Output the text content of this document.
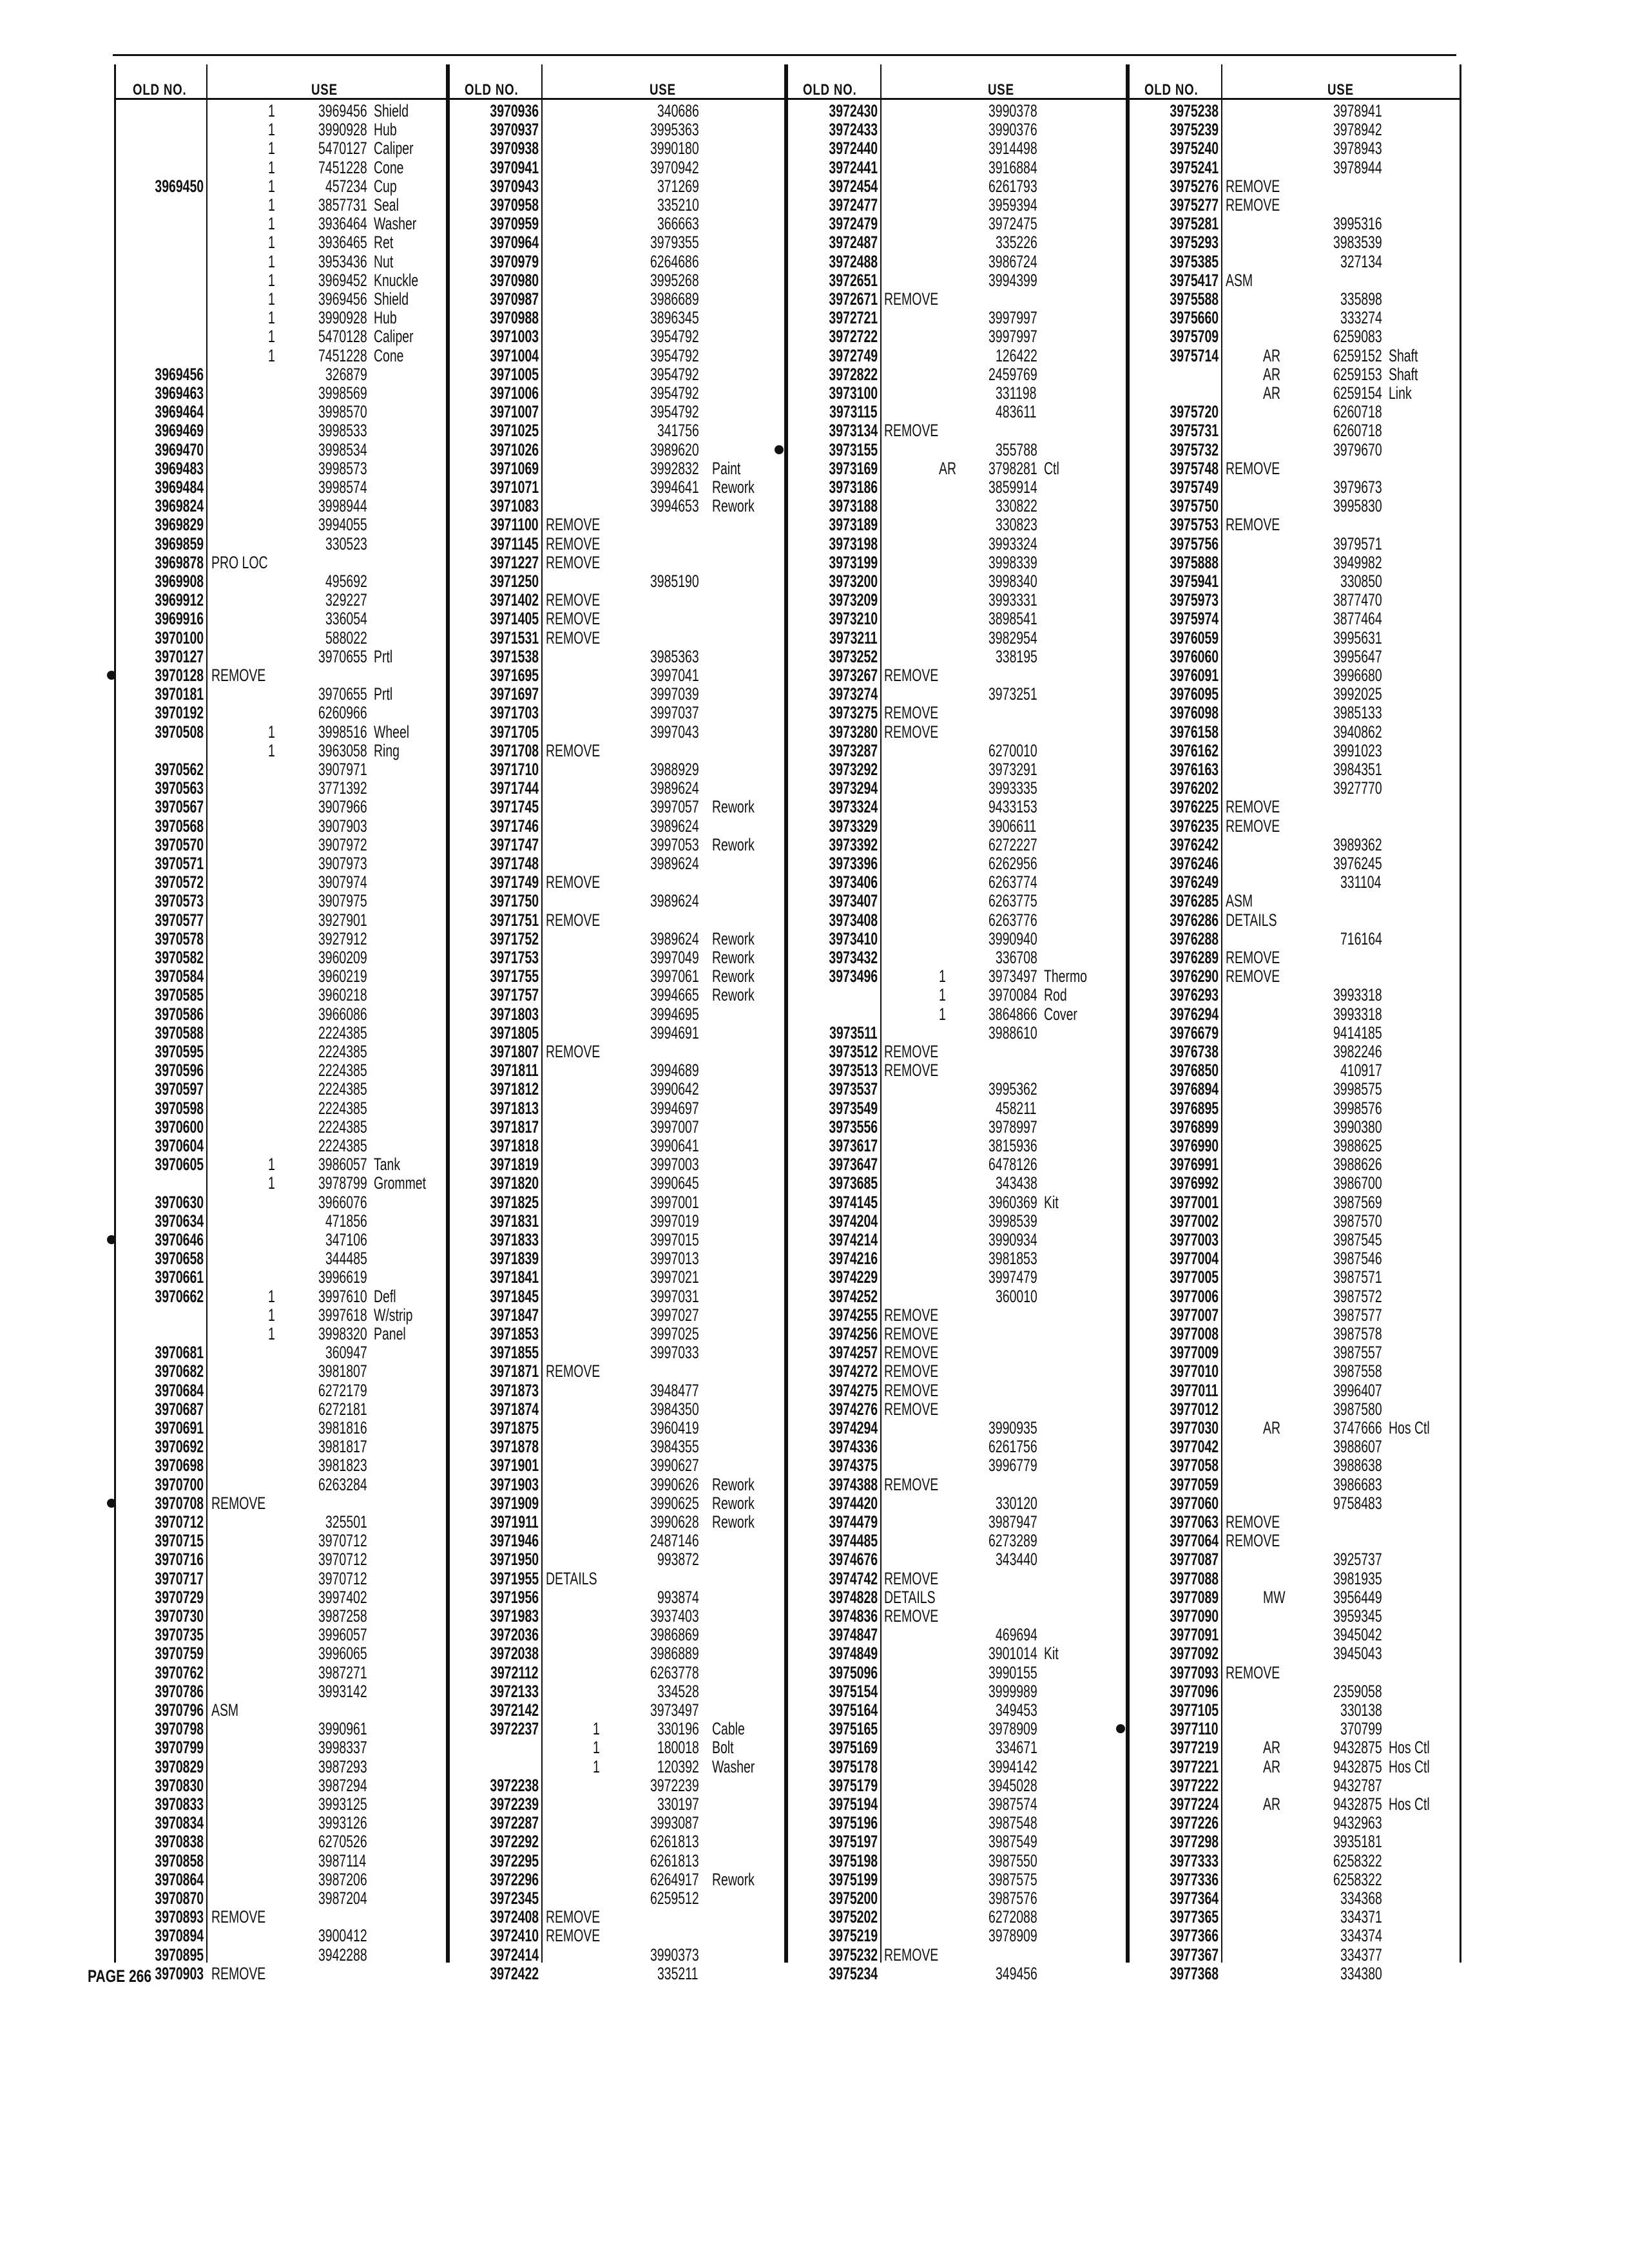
OLD NO.	USE
1	3969456 Shield
1	3990928 Hub
1	5470127 Caliper
1	7451228 Cone
3969450	1	457234 Cup
1	3857731 Seal
1	3936464 Washer
1	3936465 Ret
1	3953436 Nut
1	3969452 Knuckle
1	3969456 Shield
1	3990928 Hub
1	5470128 Caliper
1	7451228 Cone
3969456	326879
3969463	3998569
3969464	3998570
3969469	3998533
3969470	3998534
3969483	3998573
3969484	3998574
3969824	3998944
3969829	3994055
3969859	330523
3969878 PRO LOC
3969908	495692
3969912	329227
3969916	336054
3970100	588022
3970127	3970655 Prtl
3970128 REMOVE
3970181	3970655 Prtl
3970192	6260966
3970508	1	3998516 Wheel
1	3963058 Ring
3970562	3907971
3970563	3771392
3970567	3907966
3970568	3907903
3970570	3907972
3970571	3907973
3970572	3907974
3970573	3907975
3970577	3927901
3970578	3927912
3970582	3960209
3970584	3960219
3970585	3960218
3970586	3966086
3970588	2224385
3970595	2224385
3970596	2224385
3970597	2224385
3970598	2224385
3970600	2224385
3970604	2224385
3970605	1	3986057 Tank
1	3978799 Grommet
3970630	3966076
3970634	471856
3970646	347106
3970658	344485
3970661	3996619
3970662	1	3997610 Defl
1	3997618 W/strip
1	3998320 Panel
3970681	360947
3970682	3981807
3970684	6272179
3970687	6272181
3970691	3981816
3970692	3981817
3970698	3981823
3970700	6263284
3970708 REMOVE
3970712	325501
3970715	3970712
3970716	3970712
3970717	3970712
3970729	3997402
3970730	3987258
3970735	3996057
3970759	3996065
3970762	3987271
3970786	3993142
3970796 ASM
3970798	3990961
3970799	3998337
3970829	3987293
3970830	3987294
3970833	3993125
3970834	3993126
3970838	6270526
3970858	3987114
3970864	3987206
3970870	3987204
3970893 REMOVE
3970894	3900412
3970895	3942288
3970903 REMOVE
OLD NO.	USE
3970936	340686
3970937	3995363
3970938	3990180
3970941	3970942
3970943	371269
3970958	335210
3970959	366663
3970964	3979355
3970979	6264686
3970980	3995268
3970987	3986689
3970988	3896345
3971003	3954792
3971004	3954792
3971005	3954792
3971006	3954792
3971007	3954792
3971025	341756
3971026	3989620
3971069	3992832 Paint
3971071	3994641 Rework
3971083	3994653 Rework
3971100 REMOVE
3971145 REMOVE
3971227 REMOVE
3971250	3985190
3971402 REMOVE
3971405 REMOVE
3971531 REMOVE
3971538	3985363
3971695	3997041
3971697	3997039
3971703	3997037
3971705	3997043
3971708 REMOVE
3971710	3988929
3971744	3989624
3971745	3997057 Rework
3971746	3989624
3971747	3997053 Rework
3971748	3989624
3971749 REMOVE
3971750	3989624
3971751 REMOVE
3971752	3989624 Rework
3971753	3997049 Rework
3971755	3997061 Rework
3971757	3994665 Rework
3971803	3994695
3971805	3994691
3971807 REMOVE
3971811	3994689
3971812	3990642
3971813	3994697
3971817	3997007
3971818	3990641
3971819	3997003
3971820	3990645
3971825	3997001
3971831	3997019
3971833	3997015
3971839	3997013
3971841	3997021
3971845	3997031
3971847	3997027
3971853	3997025
3971855	3997033
3971871 REMOVE
3971873	3948477
3971874	3984350
3971875	3960419
3971878	3984355
3971901	3990627
3971903	3990626 Rework
3971909	3990625 Rework
3971911	3990628 Rework
3971946	2487146
3971950	993872
3971955 DETAILS
3971956	993874
3971983	3937403
3972036	3986869
3972038	3986889
3972112	6263778
3972133	334528
3972142	3973497
3972237	1	330196 Cable
1	180018 Bolt
1	120392 Washer
3972238	3972239
3972239	330197
3972287	3993087
3972292	6261813
3972295	6261813
3972296	6264917 Rework
3972345	6259512
3972408 REMOVE
3972410 REMOVE
3972414	3990373
3972422	335211
OLD NO.	USE
3972430	3990378
3972433	3990376
3972440	3914498
3972441	3916884
3972454	6261793
3972477	3959394
3972479	3972475
3972487	335226
3972488	3986724
3972651	3994399
3972671 REMOVE
3972721	3997997
3972722	3997997
3972749	126422
3972822	2459769
3973100	331198
3973115	483611
3973134 REMOVE
3973155	355788
3973169	AR 3798281 Ctl
3973186	3859914
3973188	330822
3973189	330823
3973198	3993324
3973199	3998339
3973200	3998340
3973209	3993331
3973210	3898541
3973211	3982954
3973252	338195
3973267 REMOVE
3973274	3973251
3973275 REMOVE
3973280 REMOVE
3973287	6270010
3973292	3973291
3973294	3993335
3973324	9433153
3973329	3906611
3973392	6272227
3973396	6262956
3973406	6263774
3973407	6263775
3973408	6263776
3973410	3990940
3973432	336708
3973496	1 3973497 Thermo
1 3970084 Rod
1 3864866 Cover
3973511	3988610
3973512 REMOVE
3973513 REMOVE
3973537	3995362
3973549	458211
3973556	3978997
3973617	3815936
3973647	6478126
3973685	343438
3974145	3960369 Kit
3974204	3998539
3974214	3990934
3974216	3981853
3974229	3997479
3974252	360010
3974255 REMOVE
3974256 REMOVE
3974257 REMOVE
3974272 REMOVE
3974275 REMOVE
3974276 REMOVE
3974294	3990935
3974336	6261756
3974375	3996779
3974388 REMOVE
3974420	330120
3974479	3987947
3974485	6273289
3974676	343440
3974742 REMOVE
3974828 DETAILS
3974836 REMOVE
3974847	469694
3974849	3901014 Kit
3975096	3990155
3975154	3999989
3975164	349453
3975165	3978909
3975169	334671
3975178	3994142
3975179	3945028
3975194	3987574
3975196	3987548
3975197	3987549
3975198	3987550
3975199	3987575
3975200	3987576
3975202	6272088
3975219	3978909
3975232 REMOVE
3975234	349456
OLD NO.	USE
3975238	3978941
3975239	3978942
3975240	3978943
3975241	3978944
3975276 REMOVE
3975277 REMOVE
3975281	3995316
3975293	3983539
3975385	327134
3975417 ASM
3975588	335898
3975660	333274
3975709	6259083
3975714	AR	6259152 Shaft
AR	6259153 Shaft
AR	6259154 Link
3975720	6260718
3975731	6260718
3975732	3979670
3975748 REMOVE
3975749	3979673
3975750	3995830
3975753 REMOVE
3975756	3979571
3975888	3949982
3975941	330850
3975973	3877470
3975974	3877464
3976059	3995631
3976060	3995647
3976091	3996680
3976095	3992025
3976098	3985133
3976158	3940862
3976162	3991023
3976163	3984351
3976202	3927770
3976225 REMOVE
3976235 REMOVE
3976242	3989362
3976246	3976245
3976249	331104
3976285 ASM
3976286 DETAILS
3976288	716164
3976289 REMOVE
3976290 REMOVE
3976293	3993318
3976294	3993318
3976679	9414185
3976738	3982246
3976850	410917
3976894	3998575
3976895	3998576
3976899	3990380
3976990	3988625
3976991	3988626
3976992	3986700
3977001	3987569
3977002	3987570
3977003	3987545
3977004	3987546
3977005	3987571
3977006	3987572
3977007	3987577
3977008	3987578
3977009	3987557
3977010	3987558
3977011	3996407
3977012	3987580
3977030	AR	3747666 Hos Ctl
3977042	3988607
3977058	3988638
3977059	3986683
3977060	9758483
3977063 REMOVE
3977064 REMOVE
3977087	3925737
3977088	3981935
3977089	MW	3956449
3977090	3959345
3977091	3945042
3977092	3945043
3977093 REMOVE
3977096	2359058
3977105	330138
3977110	370799
3977219	AR	9432875 Hos Ctl
3977221	AR	9432875 Hos Ctl
3977222	9432787
3977224	AR	9432875 Hos Ctl
3977226	9432963
3977298	3935181
3977333	6258322
3977336	6258322
3977364	334368
3977365	334371
3977366	334374
3977367	334377
3977368	334380
PAGE 266
